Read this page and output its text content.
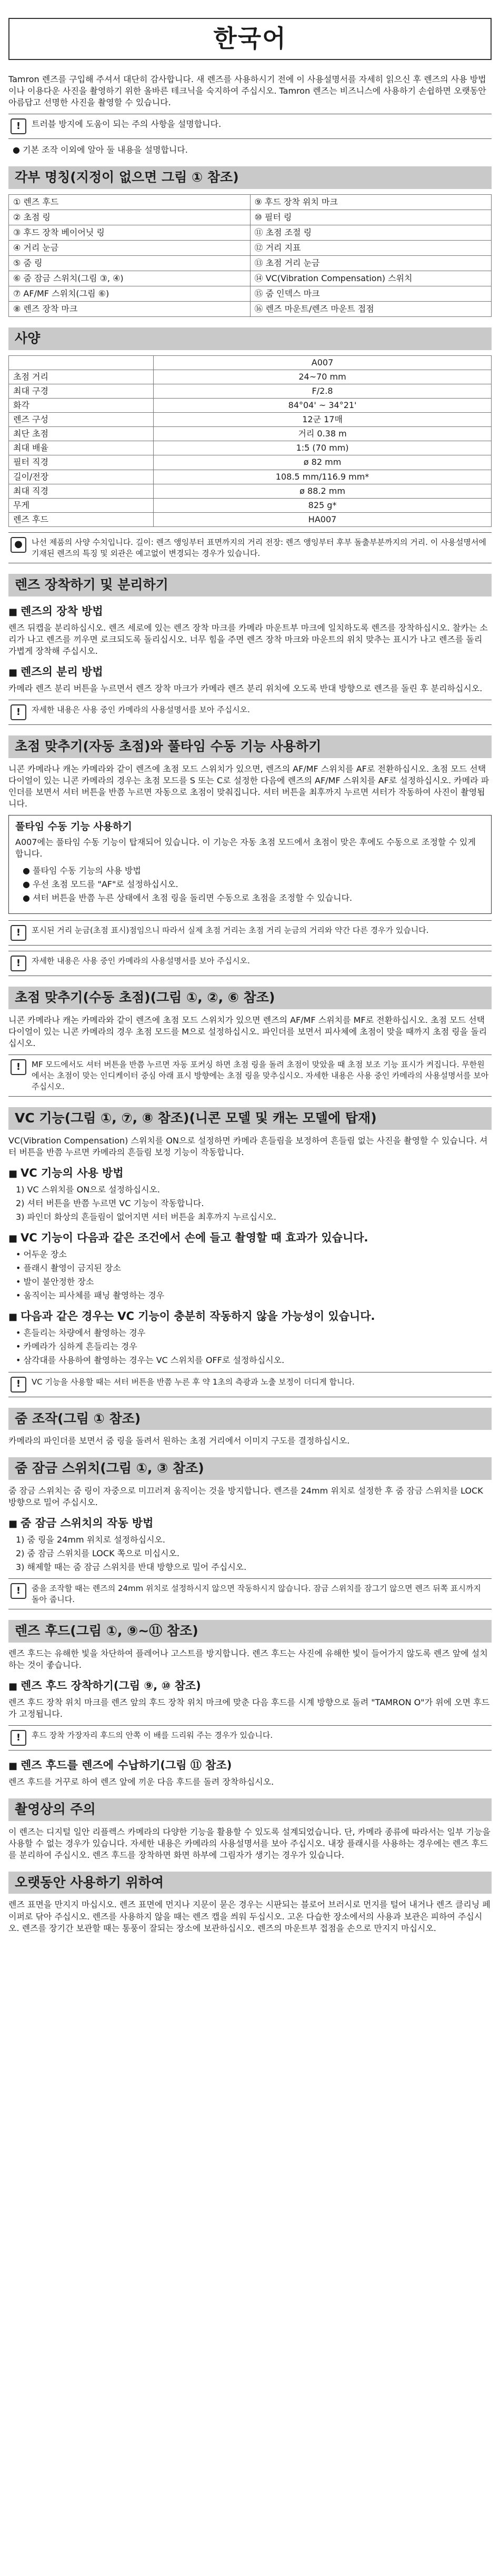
한국어

Tamron 렌즈를 구입해 주셔서 대단히 감사합니다. 새 렌즈를 사용하시기 전에 이 사용설명서를 자세히 읽으신 후 렌즈의 사용 방법이나 이용다운 사진을 촬영하기 위한 올바른 테크닉을 숙지하여 주십시오. Tamron 렌즈는 비즈니스에 사용하기 손쉽하면 오랫동안 아름답고 선명한 사진을 촬영할 수 있습니다.

!	트러블 방지에 도움이 되는 주의 사항을 설명합니다.
● 기본 조작 이외에 알아 둘 내용을 설명합니다.
각부 명칭(지정이 없으면 그림 ① 참조)
① 렌즈 후드	⑨ 후드 장착 위치 마크
② 초점 링	⑩ 필터 링
③ 후드 장착 베이어닛 링	⑪ 초점 조절 링
④ 거리 눈금	⑫ 거리 지표
⑤ 줌 링	⑬ 초점 거리 눈금
⑥ 줌 잠금 스위치(그림 ③, ④)	⑭ VC(Vibration Compensation) 스위치
⑦ AF/MF 스위치(그림 ⑥)	⑮ 줌 인덱스 마크
⑧ 렌즈 장착 마크	⑯ 렌즈 마운트/렌즈 마운트 접점
사양
	A007
초점 거리	24~70 mm
최대 구경	F/2.8
화각	84°04' ~ 34°21'
렌즈 구성	12군 17매
최단 초점	거리 0.38 m
최대 배율	1:5 (70 mm)
필터 직경	ø 82 mm
길이/전장	108.5 mm/116.9 mm*
최대 직경	ø 88.2 mm
무게	825 g*
렌즈 후드	HA007
●	나선 제품의 사양 수치입니다. 길이: 렌즈 앵잉부터 표면까지의 거리 전장: 렌즈 앵잉부터 후부 돌출부분까지의 거리. 이 사용설명서에 기재된 렌즈의 특징 및 외관은 예고없이 변경되는 경우가 있습니다.
렌즈 장착하기 및 분리하기
■ 렌즈의 장착 방법

렌즈 뒤캡을 분리하십시오. 렌즈 세로에 있는 렌즈 장착 마크를 카메라 마운트부 마크에 일치하도록 렌즈를 장착하십시오. 찰카는 소리가 나고 렌즈를 끼우면 로크되도록 돌리십시오. 너무 힘을 주면 렌즈 장착 마크와 마운트의 위치 맞추는 표시가 나고 렌즈를 돌리 가볍게 장착해 주십시오.

■ 렌즈의 분리 방법

카메라 렌즈 분리 버튼을 누르면서 렌즈 장착 마크가 카메라 렌즈 분리 위치에 오도록 반대 방향으로 렌즈를 돌린 후 분리하십시오.

!	자세한 내용은 사용 중인 카메라의 사용설명서를 보아 주십시오.
초점 맞추기(자동 초점)와 풀타임 수동 기능 사용하기

니콘 카메라나 캐논 카메라와 같이 렌즈에 초점 모드 스위치가 있으면, 렌즈의 AF/MF 스위치를 AF로 전환하십시오. 초점 모드 선택 다이얼이 있는 니콘 카메라의 경우는 초점 모드를 S 또는 C로 설정한 다음에 렌즈의 AF/MF 스위치를 AF로 설정하십시오. 카메라 파인더를 보면서 셔터 버튼을 반쯤 누르면 자동으로 초점이 맞춰집니다. 셔터 버튼을 최후까지 누르면 셔터가 작동하여 사진이 촬영됩니다.

풀타임 수동 기능 사용하기

A007에는 풀타임 수동 기능이 탑재되어 있습니다. 이 기능은 자동 초점 모드에서 초점이 맞은 후에도 수동으로 조정할 수 있게 합니다.

● 풀타임 수동 기능의 사용 방법
● 우선 초점 모드를 "AF"로 설정하십시오.
● 셔터 버튼을 반쯤 누른 상태에서 초점 링을 돌리면 수동으로 초점을 조정할 수 있습니다.
!	포시된 거리 눈금(초점 표시)점임으니 따라서 실제 초점 거리는 초점 거리 눈금의 거리와 약간 다른 경우가 있습니다.
!	자세한 내용은 사용 중인 카메라의 사용설명서를 보아 주십시오.
초점 맞추기(수동 초점)(그림 ①, ②, ⑥ 참조)

니콘 카메라나 캐논 카메라와 같이 렌즈에 초점 모드 스위치가 있으면 렌즈의 AF/MF 스위치를 MF로 전환하십시오. 초점 모드 선택 다이얼이 있는 니콘 카메라의 경우 초점 모드를 M으로 설정하십시오. 파인더를 보면서 피사체에 초점이 맞을 때까지 초점 링을 돌리십시오.

!	MF 모드에서도 셔터 버튼을 반쯤 누르면 자동 포커싱 하면 초점 링을 돌려 초점이 맞았을 때 초점 보조 기능 표시가 켜집니다. 무한원에서는 초점이 맞는 인디케이터 중심 아래 표시 방향에는 초점 링을 맞추십시오. 자세한 내용은 사용 중인 카메라의 사용설명서를 보아 주십시오.
VC 기능(그림 ①, ⑦, ⑧ 참조)(니콘 모델 및 캐논 모델에 탑재)

VC(Vibration Compensation) 스위치를 ON으로 설정하면 카메라 흔들림을 보정하여 흔들림 없는 사진을 촬영할 수 있습니다. 셔터 버튼을 반쯤 누르면 카메라의 흔들림 보정 기능이 작동합니다.

■ VC 기능의 사용 방법
1) VC 스위치를 ON으로 설정하십시오.
2) 셔터 버튼을 반쯤 누르면 VC 기능이 작동합니다.
3) 파인더 화상의 흔들림이 없어지면 셔터 버튼을 최후까지 누르십시오.
■ VC 기능이 다음과 같은 조건에서 손에 들고 촬영할 때 효과가 있습니다.
• 어두운 장소
• 플래시 촬영이 금지된 장소
• 발이 불안정한 장소
• 움직이는 피사체를 패닝 촬영하는 경우
■ 다음과 같은 경우는 VC 기능이 충분히 작동하지 않을 가능성이 있습니다.
• 흔들리는 차량에서 촬영하는 경우
• 카메라가 심하게 흔들리는 경우
• 삼각대를 사용하여 촬영하는 경우는 VC 스위치를 OFF로 설정하십시오.
!	VC 기능을 사용할 때는 셔터 버튼을 반쯤 누른 후 약 1초의 측광과 노출 보정이 더디게 합니다.
줌 조작(그림 ① 참조)

카메라의 파인더를 보면서 줌 링을 돌려서 원하는 초점 거리에서 이미지 구도를 결정하십시오.

줌 잠금 스위치(그림 ①, ③ 참조)

줌 잠금 스위치는 줌 링이 자중으로 미끄러져 움직이는 것을 방지합니다. 렌즈를 24mm 위치로 설정한 후 줌 잠금 스위치를 LOCK 방향으로 밀어 주십시오.

■ 줌 잠금 스위치의 작동 방법
1) 줌 링을 24mm 위치로 설정하십시오.
2) 줌 잠금 스위치를 LOCK 쪽으로 미십시오.
3) 해제할 때는 줌 잠금 스위치를 반대 방향으로 밀어 주십시오.
!	줌을 조작할 때는 렌즈의 24mm 위치로 설정하시지 않으면 작동하시지 않습니다. 잠금 스위치를 잠그기 않으면 렌즈 뒤쪽 표시까지 돌아 줍니다.
렌즈 후드(그림 ①, ⑨~⑪ 참조)

렌즈 후드는 유해한 빛을 차단하여 플레어나 고스트를 방지합니다. 렌즈 후드는 사진에 유해한 빛이 들어가지 않도록 렌즈 앞에 설치하는 것이 좋습니다.

■ 렌즈 후드 장착하기(그림 ⑨, ⑩ 참조)

렌즈 후드 장착 위치 마크를 렌즈 앞의 후드 장착 위치 마크에 맞춘 다음 후드를 시계 방향으로 돌려 "TAMRON O"가 위에 오면 후드가 고정됩니다.

!	후드 장착 가장자리 후드의 안쪽 이 배를 드리워 주는 경우가 있습니다.
■ 렌즈 후드를 렌즈에 수납하기(그림 ⑪ 참조)

렌즈 후드를 거꾸로 하여 렌즈 앞에 끼운 다음 후드를 돌려 장착하십시오.

촬영상의 주의

이 렌즈는 디지털 일안 리플렉스 카메라의 다양한 기능을 활용할 수 있도록 설계되었습니다. 단, 카메라 종류에 따라서는 일부 기능을 사용할 수 없는 경우가 있습니다. 자세한 내용은 카메라의 사용설명서를 보아 주십시오. 내장 플래시를 사용하는 경우에는 렌즈 후드를 분리하여 주십시오. 렌즈 후드를 장착하면 화면 하부에 그림자가 생기는 경우가 있습니다.

오랫동안 사용하기 위하여

렌즈 표면을 만지지 마십시오. 렌즈 표면에 먼지나 지문이 묻은 경우는 시판되는 블로어 브러시로 먼지를 털어 내거나 렌즈 클리닝 페이퍼로 닦아 주십시오. 렌즈를 사용하지 않을 때는 렌즈 캡을 씌워 두십시오. 고온 다습한 장소에서의 사용과 보관은 피하여 주십시오. 렌즈를 장기간 보관할 때는 통풍이 잘되는 장소에 보관하십시오. 렌즈의 마운트부 접점을 손으로 만지지 마십시오.
